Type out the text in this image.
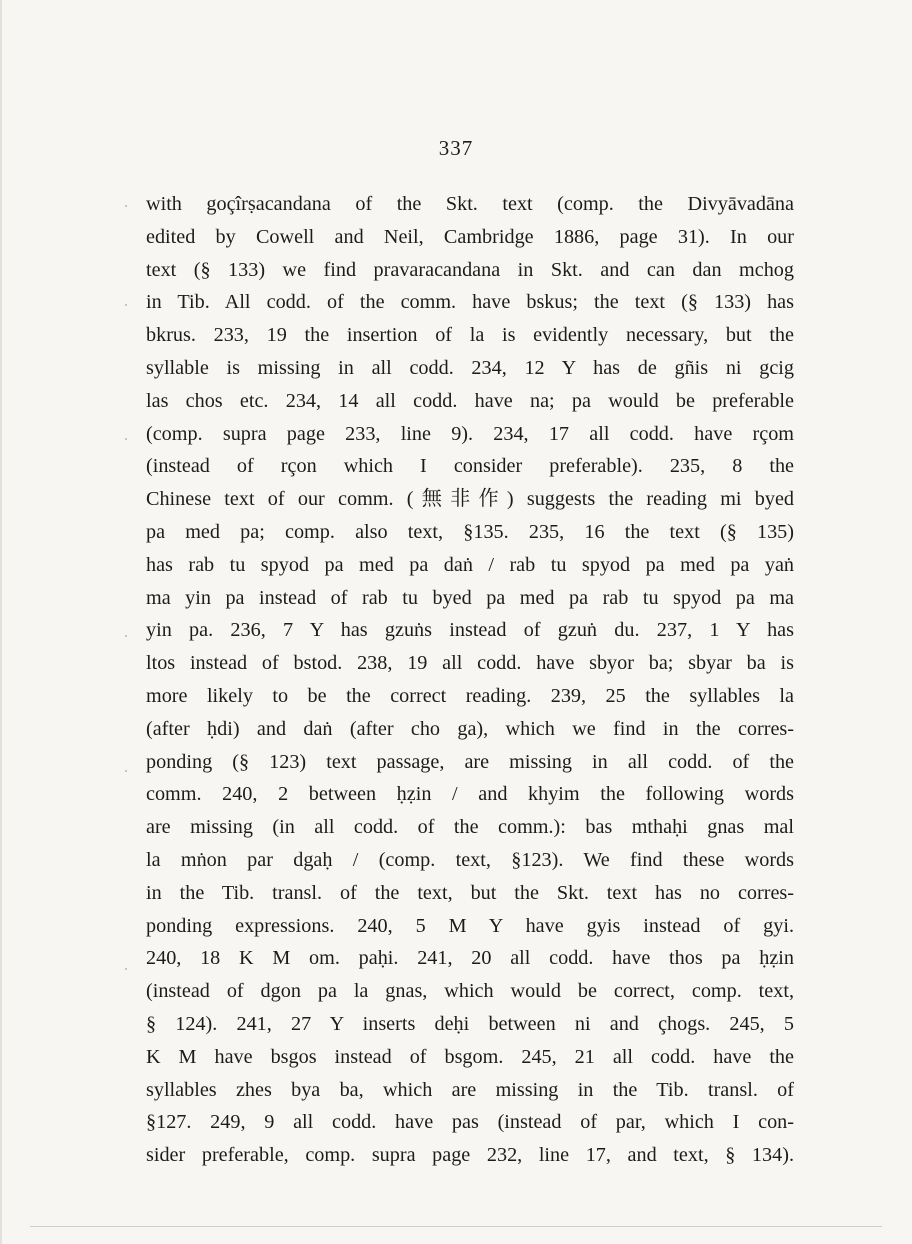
337
with goçîrṣacandana of the Skt. text (comp. the Divyāvadāna
edited by Cowell and Neil, Cambridge 1886, page 31). In our
text (§ 133) we find pravaracandana in Skt. and can dan mchog
in Tib. All codd. of the comm. have bskus; the text (§ 133) has
bkrus. 233, 19 the insertion of la is evidently necessary, but the
syllable is missing in all codd. 234, 12 Y has de gñis ni gcig
las chos etc. 234, 14 all codd. have na; pa would be preferable
(comp. supra page 233, line 9). 234, 17 all codd. have rçom
(instead of rçon which I consider preferable). 235, 8 the
Chinese text of our comm. (無非作) suggests the reading mi byed
pa med pa; comp. also text, §135. 235, 16 the text (§ 135)
has rab tu spyod pa med pa daṅ / rab tu spyod pa med pa yaṅ
ma yin pa instead of rab tu byed pa med pa rab tu spyod pa ma
yin pa. 236, 7 Y has gzuṅs instead of gzuṅ du. 237, 1 Y has
ltos instead of bstod. 238, 19 all codd. have sbyor ba; sbyar ba is
more likely to be the correct reading. 239, 25 the syllables la
(after ḥdi) and daṅ (after cho ga), which we find in the corres-
ponding (§ 123) text passage, are missing in all codd. of the
comm. 240, 2 between ḥẓin / and khyim the following words
are missing (in all codd. of the comm.): bas mthaḥi gnas mal
la mṅon par dgaḥ / (comp. text, §123). We find these words
in the Tib. transl. of the text, but the Skt. text has no corres-
ponding expressions. 240, 5 M Y have gyis instead of gyi.
240, 18 K M om. paḥi. 241, 20 all codd. have thos pa ḥẓin
(instead of dgon pa la gnas, which would be correct, comp. text,
§ 124). 241, 27 Y inserts deḥi between ni and çhogs. 245, 5
K M have bsgos instead of bsgom. 245, 21 all codd. have the
syllables zhes bya ba, which are missing in the Tib. transl. of
§127. 249, 9 all codd. have pas (instead of par, which I con-
sider preferable, comp. supra page 232, line 17, and text, § 134).
